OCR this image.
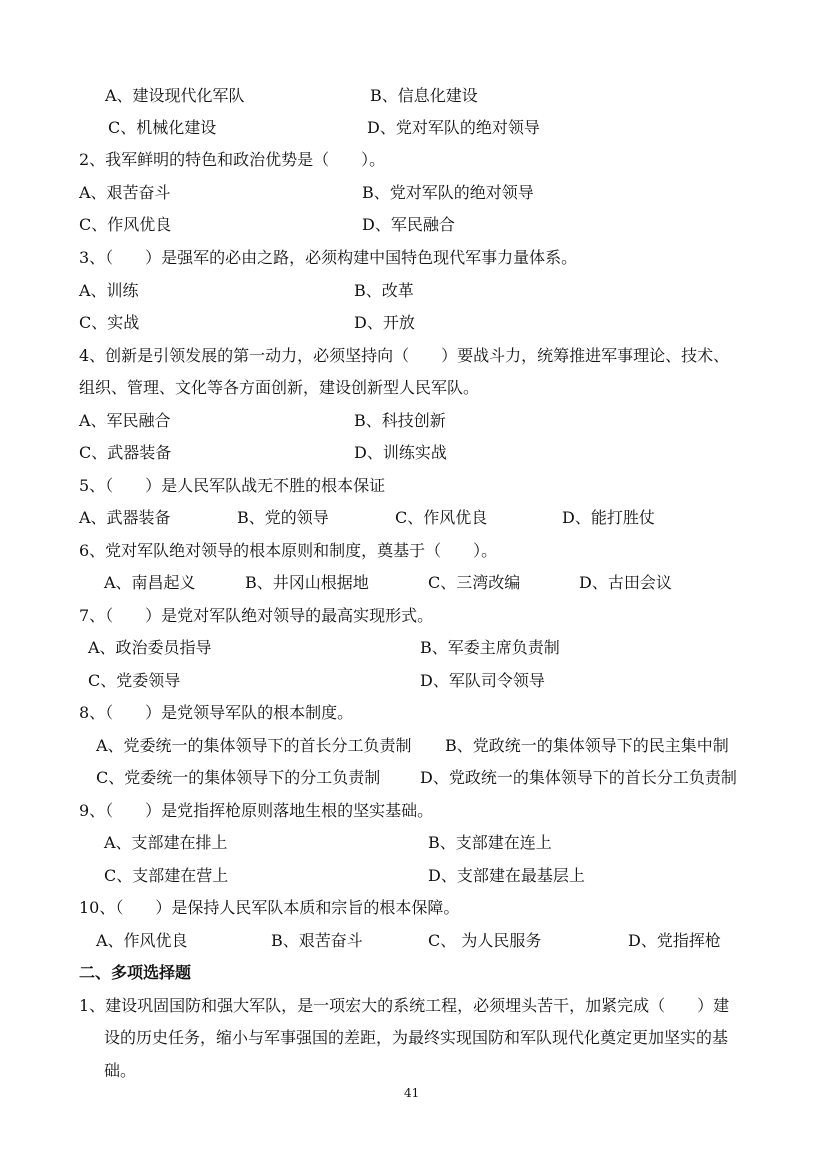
A、建设现代化军队	B、信息化建设
C、机械化建设	D、党对军队的绝对领导
2、我军鲜明的特色和政治优势是（　　）。
A、艰苦奋斗	B、党对军队的绝对领导
C、作风优良	D、军民融合
3、（　　）是强军的必由之路，必须构建中国特色现代军事力量体系。
A、训练	B、改革
C、实战	D、开放
4、创新是引领发展的第一动力，必须坚持向（　　）要战斗力，统筹推进军事理论、技术、
组织、管理、文化等各方面创新，建设创新型人民军队。
A、军民融合	B、科技创新
C、武器装备	D、训练实战
5、（　　）是人民军队战无不胜的根本保证
A、武器装备	B、党的领导	C、作风优良	D、能打胜仗
6、党对军队绝对领导的根本原则和制度，奠基于（　　）。
A、南昌起义	B、井冈山根据地	C、三湾改编	D、古田会议
7、（　　）是党对军队绝对领导的最高实现形式。
A、政治委员指导	B、军委主席负责制
C、党委领导	D、军队司令领导
8、（　　）是党领导军队的根本制度。
A、党委统一的集体领导下的首长分工负责制 B、党政统一的集体领导下的民主集中制
C、党委统一的集体领导下的分工负责制 D、党政统一的集体领导下的首长分工负责制
9、（　　）是党指挥枪原则落地生根的坚实基础。
A、支部建在排上	B、支部建在连上
C、支部建在营上	D、支部建在最基层上
10、（　　）是保持人民军队本质和宗旨的根本保障。
A、作风优良	B、艰苦奋斗	C、 为人民服务	D、党指挥枪
二、多项选择题
1、建设巩固国防和强大军队，是一项宏大的系统工程，必须埋头苦干，加紧完成（　　）建
设的历史任务，缩小与军事强国的差距，为最终实现国防和军队现代化奠定更加坚实的基
础。
41
